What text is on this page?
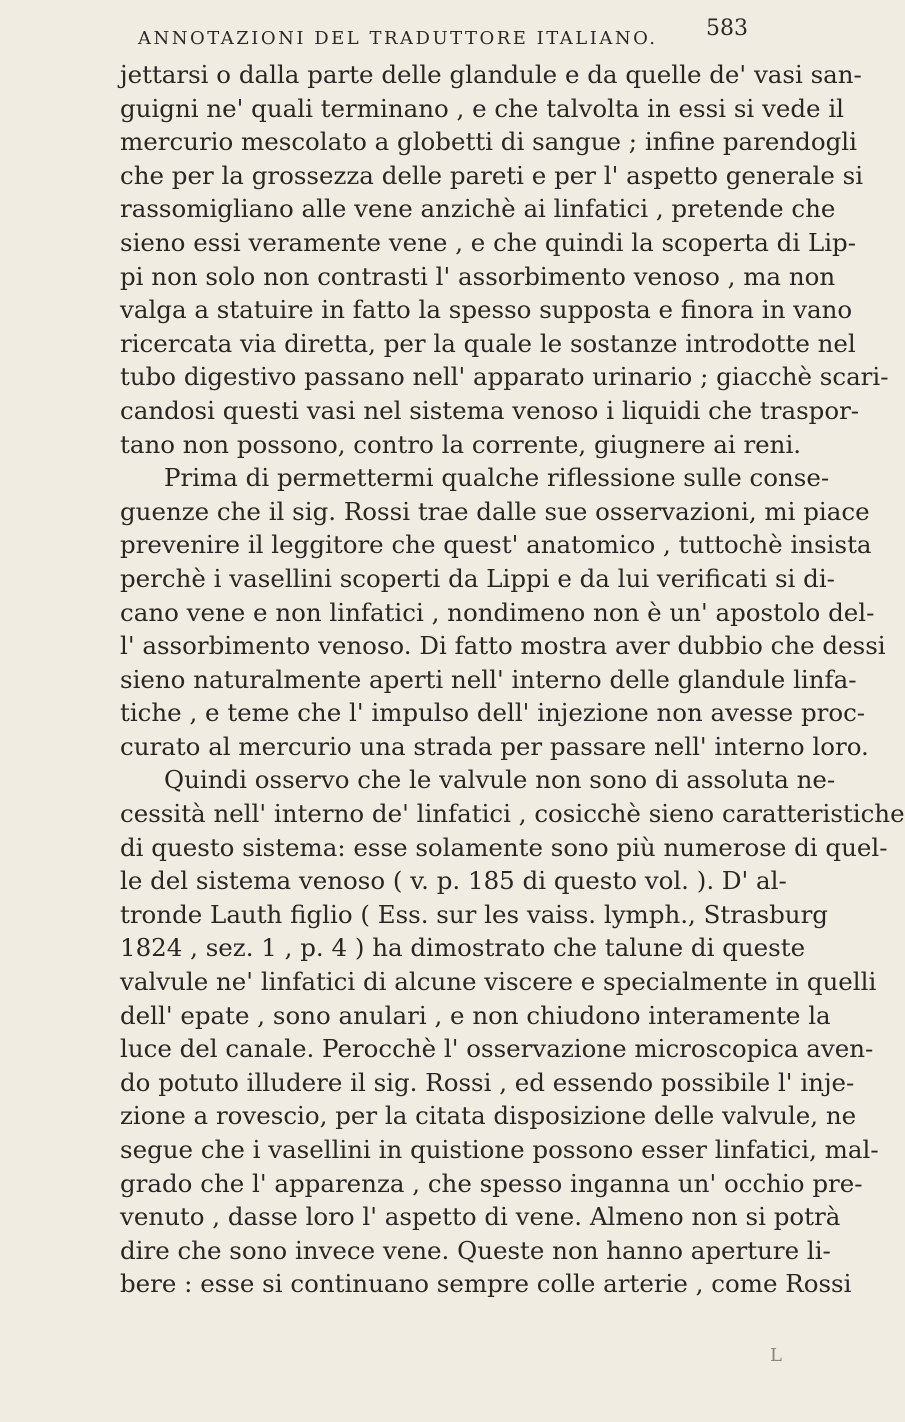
ANNOTAZIONI DEL TRADUTTORE ITALIANO. 583
jettarsi o dalla parte delle glandule e da quelle de' vasi san-
guigni ne' quali terminano , e che talvolta in essi si vede il
mercurio mescolato a globetti di sangue ; infine parendogli
che per la grossezza delle pareti e per l' aspetto generale si
rassomigliano alle vene anzichè ai linfatici , pretende che
sieno essi veramente vene , e che quindi la scoperta di Lip-
pi non solo non contrasti l' assorbimento venoso , ma non
valga a statuire in fatto la spesso supposta e finora in vano
ricercata via diretta, per la quale le sostanze introdotte nel
tubo digestivo passano nell' apparato urinario ; giacchè scari-
candosi questi vasi nel sistema venoso i liquidi che traspor-
tano non possono, contro la corrente, giugnere ai reni.
Prima di permettermi qualche riflessione sulle conse-
guenze che il sig. Rossi trae dalle sue osservazioni, mi piace
prevenire il leggitore che quest' anatomico , tuttochè insista
perchè i vasellini scoperti da Lippi e da lui verificati si di-
cano vene e non linfatici , nondimeno non è un' apostolo del-
l' assorbimento venoso. Di fatto mostra aver dubbio che dessi
sieno naturalmente aperti nell' interno delle glandule linfa-
tiche , e teme che l' impulso dell' injezione non avesse proc-
curato al mercurio una strada per passare nell' interno loro.
Quindi osservo che le valvule non sono di assoluta ne-
cessità nell' interno de' linfatici , cosicchè sieno caratteristiche
di questo sistema: esse solamente sono più numerose di quel-
le del sistema venoso ( v. p. 185 di questo vol. ). D' al-
tronde Lauth figlio ( Ess. sur les vaiss. lymph., Strasburg
1824 , sez. 1 , p. 4 ) ha dimostrato che talune di queste
valvule ne' linfatici di alcune viscere e specialmente in quelli
dell' epate , sono anulari , e non chiudono interamente la
luce del canale. Perocchè l' osservazione microscopica aven-
do potuto illudere il sig. Rossi , ed essendo possibile l' inje-
zione a rovescio, per la citata disposizione delle valvule, ne
segue che i vasellini in quistione possono esser linfatici, mal-
grado che l' apparenza , che spesso inganna un' occhio pre-
venuto , dasse loro l' aspetto di vene. Almeno non si potrà
dire che sono invece vene. Queste non hanno aperture li-
bere : esse si continuano sempre colle arterie , come Rossi
L
